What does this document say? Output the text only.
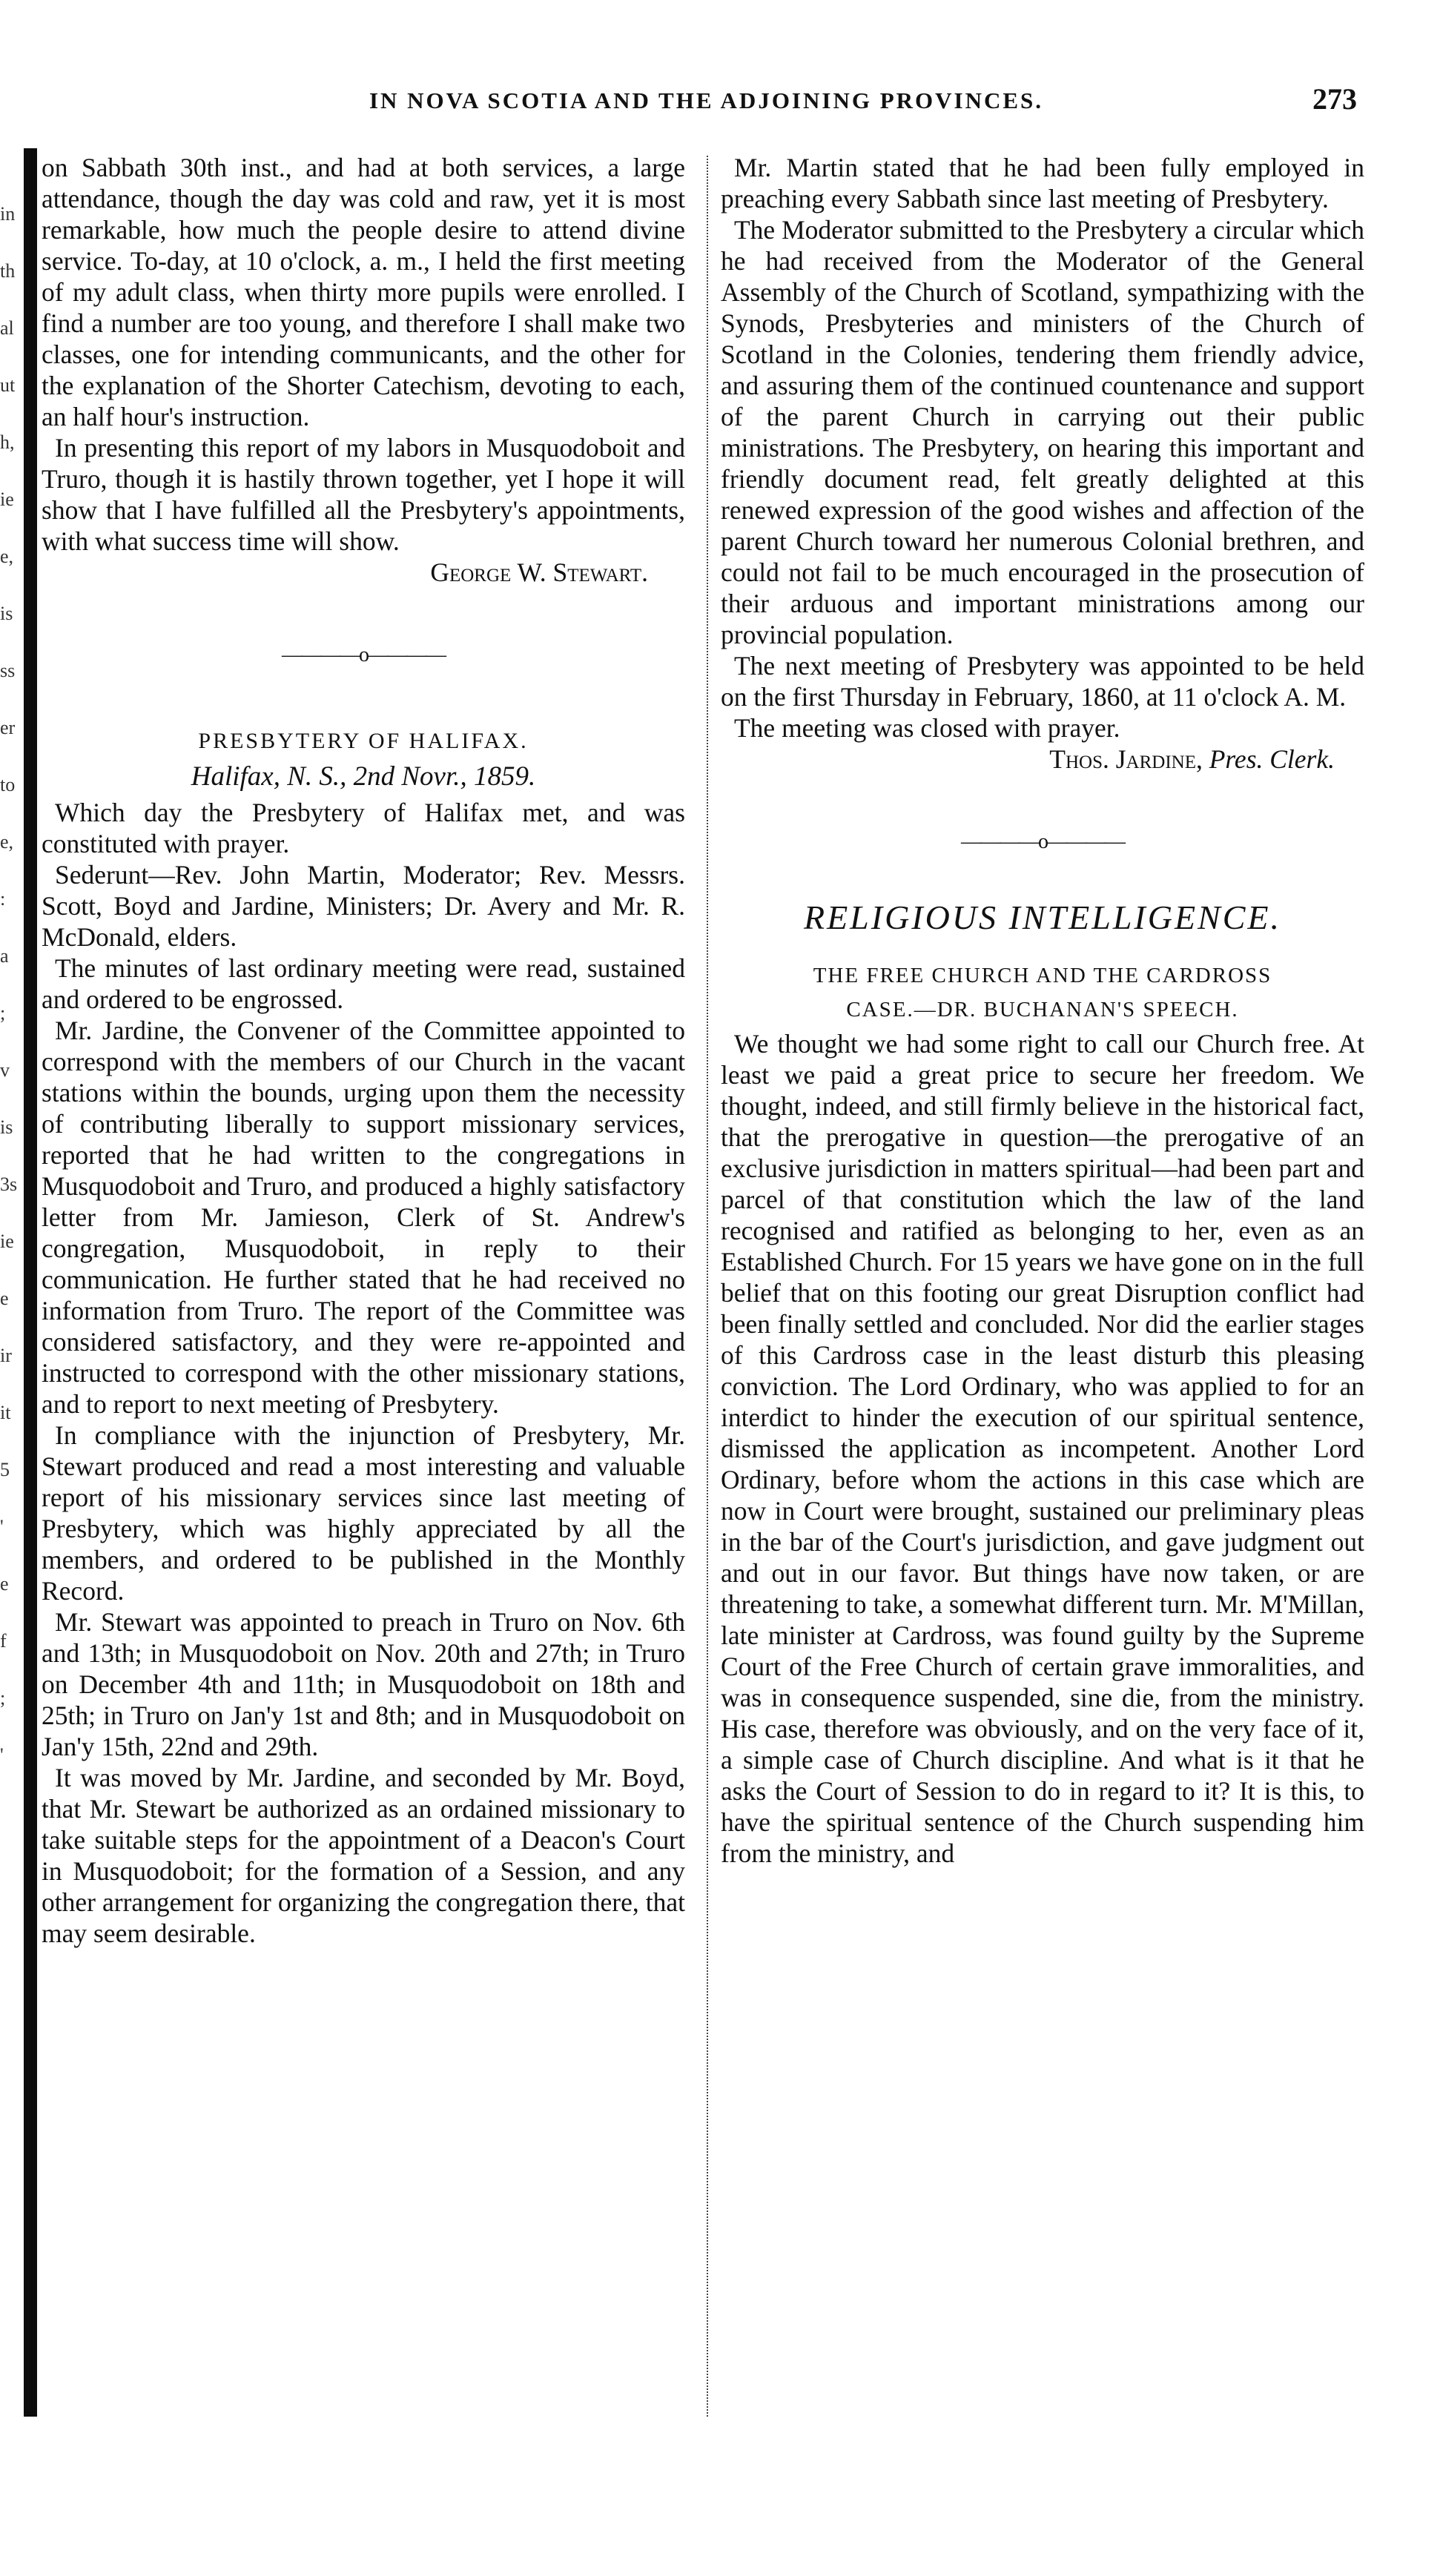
in
th
al
ut
h,
ie
e,
is
ss
er
to
e,
:
a
;
v
is
3s
ie
e
ir
it
5
'
e
f
;
'
IN NOVA SCOTIA AND THE ADJOINING PROVINCES.	273

on Sabbath 30th inst., and had at both services, a large attendance, though the day was cold and raw, yet it is most remarkable, how much the people desire to attend divine service. To-day, at 10 o'clock, a. m., I held the first meeting of my adult class, when thirty more pupils were enrolled. I find a number are too young, and therefore I shall make two classes, one for intending communicants, and the other for the explanation of the Shorter Catechism, devoting to each, an half hour's instruction.

In presenting this report of my labors in Musquodoboit and Truro, though it is hastily thrown together, yet I hope it will show that I have fulfilled all the Presbytery's appointments, with what success time will show.

George W. Stewart.

————o————
PRESBYTERY OF HALIFAX.
Halifax, N. S., 2nd Novr., 1859.

Which day the Presbytery of Halifax met, and was constituted with prayer.

Sederunt—Rev. John Martin, Moderator; Rev. Messrs. Scott, Boyd and Jardine, Ministers; Dr. Avery and Mr. R. McDonald, elders.

The minutes of last ordinary meeting were read, sustained and ordered to be engrossed.

Mr. Jardine, the Convener of the Committee appointed to correspond with the members of our Church in the vacant stations within the bounds, urging upon them the necessity of contributing liberally to support missionary services, reported that he had written to the congregations in Musquodoboit and Truro, and produced a highly satisfactory letter from Mr. Jamieson, Clerk of St. Andrew's congregation, Musquodoboit, in reply to their communication. He further stated that he had received no information from Truro. The report of the Committee was considered satisfactory, and they were re-appointed and instructed to correspond with the other missionary stations, and to report to next meeting of Presbytery.

In compliance with the injunction of Presbytery, Mr. Stewart produced and read a most interesting and valuable report of his missionary services since last meeting of Presbytery, which was highly appreciated by all the members, and ordered to be published in the Monthly Record.

Mr. Stewart was appointed to preach in Truro on Nov. 6th and 13th; in Musquodoboit on Nov. 20th and 27th; in Truro on December 4th and 11th; in Musquodoboit on 18th and 25th; in Truro on Jan'y 1st and 8th; and in Musquodoboit on Jan'y 15th, 22nd and 29th.

It was moved by Mr. Jardine, and seconded by Mr. Boyd, that Mr. Stewart be authorized as an ordained missionary to take suitable steps for the appointment of a Deacon's Court in Musquodoboit; for the formation of a Session, and any other arrangement for organizing the congregation there, that may seem desirable.

Mr. Martin stated that he had been fully employed in preaching every Sabbath since last meeting of Presbytery.

The Moderator submitted to the Presbytery a circular which he had received from the Moderator of the General Assembly of the Church of Scotland, sympathizing with the Synods, Presbyteries and ministers of the Church of Scotland in the Colonies, tendering them friendly advice, and assuring them of the continued countenance and support of the parent Church in carrying out their public ministrations. The Presbytery, on hearing this important and friendly document read, felt greatly delighted at this renewed expression of the good wishes and affection of the parent Church toward her numerous Colonial brethren, and could not fail to be much encouraged in the prosecution of their arduous and important ministrations among our provincial population.

The next meeting of Presbytery was appointed to be held on the first Thursday in February, 1860, at 11 o'clock A. M.

The meeting was closed with prayer.

Thos. Jardine, Pres. Clerk.

————o————
RELIGIOUS INTELLIGENCE.
THE FREE CHURCH AND THE CARDROSS
CASE.—DR. BUCHANAN'S SPEECH.

We thought we had some right to call our Church free. At least we paid a great price to secure her freedom. We thought, indeed, and still firmly believe in the historical fact, that the prerogative in question—the prerogative of an exclusive jurisdiction in matters spiritual—had been part and parcel of that constitution which the law of the land recognised and ratified as belonging to her, even as an Established Church. For 15 years we have gone on in the full belief that on this footing our great Disruption conflict had been finally settled and concluded. Nor did the earlier stages of this Cardross case in the least disturb this pleasing conviction. The Lord Ordinary, who was applied to for an interdict to hinder the execution of our spiritual sentence, dismissed the application as incompetent. Another Lord Ordinary, before whom the actions in this case which are now in Court were brought, sustained our preliminary pleas in the bar of the Court's jurisdiction, and gave judgment out and out in our favor. But things have now taken, or are threatening to take, a somewhat different turn. Mr. M'Millan, late minister at Cardross, was found guilty by the Supreme Court of the Free Church of certain grave immoralities, and was in consequence suspended, sine die, from the ministry. His case, therefore was obviously, and on the very face of it, a simple case of Church discipline. And what is it that he asks the Court of Session to do in regard to it? It is this, to have the spiritual sentence of the Church suspending him from the ministry, and
